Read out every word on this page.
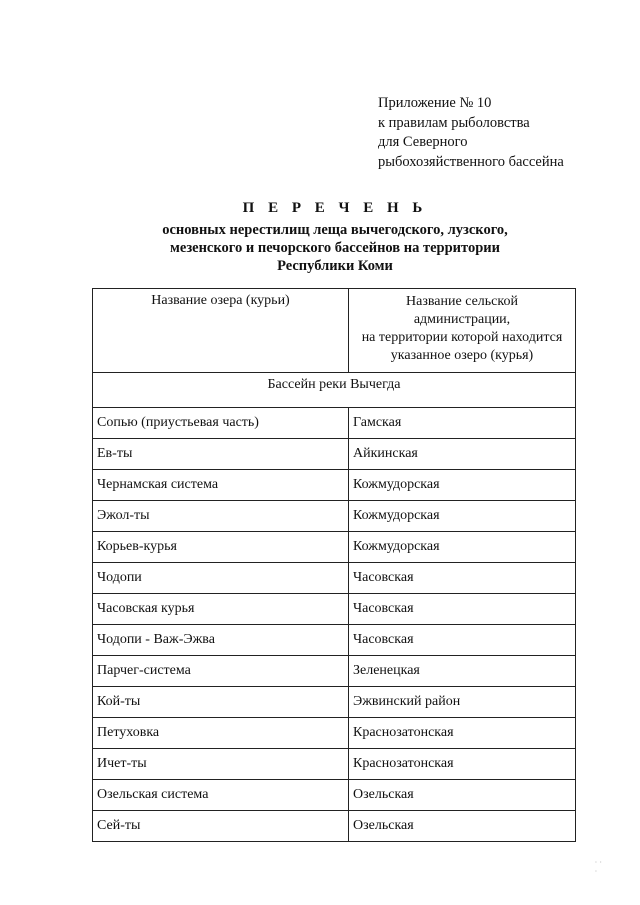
Приложение № 10
к правилам рыболовства
для Северного
рыбохозяйственного бассейна
П Е Р Е Ч Е Н Ь
основных нерестилищ леща вычегодского, лузского,
мезенского и печорского бассейнов на территории
Республики Коми
Название озера (курьи)	Название сельской
администрации,
на территории которой находится
указанное озеро (курья)

Бассейн реки Вычегда	
Сопью (приустьевая часть)	Гамская
Ев-ты	Айкинская
Чернамская система	Кожмудорская
Эжол-ты	Кожмудорская
Корьев-курья	Кожмудорская
Чодопи	Часовская
Часовская курья	Часовская
Чодопи - Важ-Эжва	Часовская
Парчег-система	Зеленецкая
Кой-ты	Эжвинский район
Петуховка	Краснозатонская
Ичет-ты	Краснозатонская
Озельская система	Озельская
Сей-ты	Озельская
· ·
·
